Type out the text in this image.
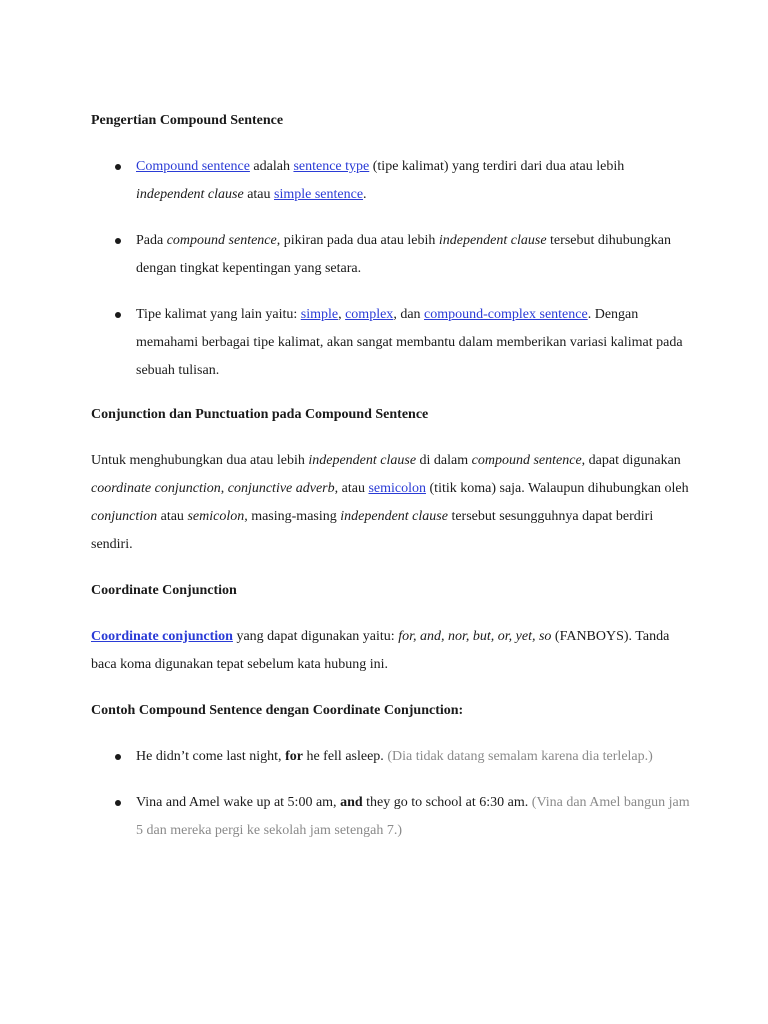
Pengertian Compound Sentence

Compound sentence adalah sentence type (tipe kalimat) yang terdiri dari dua atau lebih independent clause atau simple sentence.
Pada compound sentence, pikiran pada dua atau lebih independent clause tersebut dihubungkan dengan tingkat kepentingan yang setara.
Tipe kalimat yang lain yaitu: simple, complex, dan compound-complex sentence. Dengan memahami berbagai tipe kalimat, akan sangat membantu dalam memberikan variasi kalimat pada sebuah tulisan.

Conjunction dan Punctuation pada Compound Sentence

Untuk menghubungkan dua atau lebih independent clause di dalam compound sentence, dapat digunakan coordinate conjunction, conjunctive adverb, atau semicolon (titik koma) saja. Walaupun dihubungkan oleh conjunction atau semicolon, masing-masing independent clause tersebut sesungguhnya dapat berdiri sendiri.

Coordinate Conjunction

Coordinate conjunction yang dapat digunakan yaitu: for, and, nor, but, or, yet, so (FANBOYS). Tanda baca koma digunakan tepat sebelum kata hubung ini.

Contoh Compound Sentence dengan Coordinate Conjunction:

He didn’t come last night, for he fell asleep. (Dia tidak datang semalam karena dia terlelap.)
Vina and Amel wake up at 5:00 am, and they go to school at 6:30 am. (Vina dan Amel bangun jam 5 dan mereka pergi ke sekolah jam setengah 7.)
